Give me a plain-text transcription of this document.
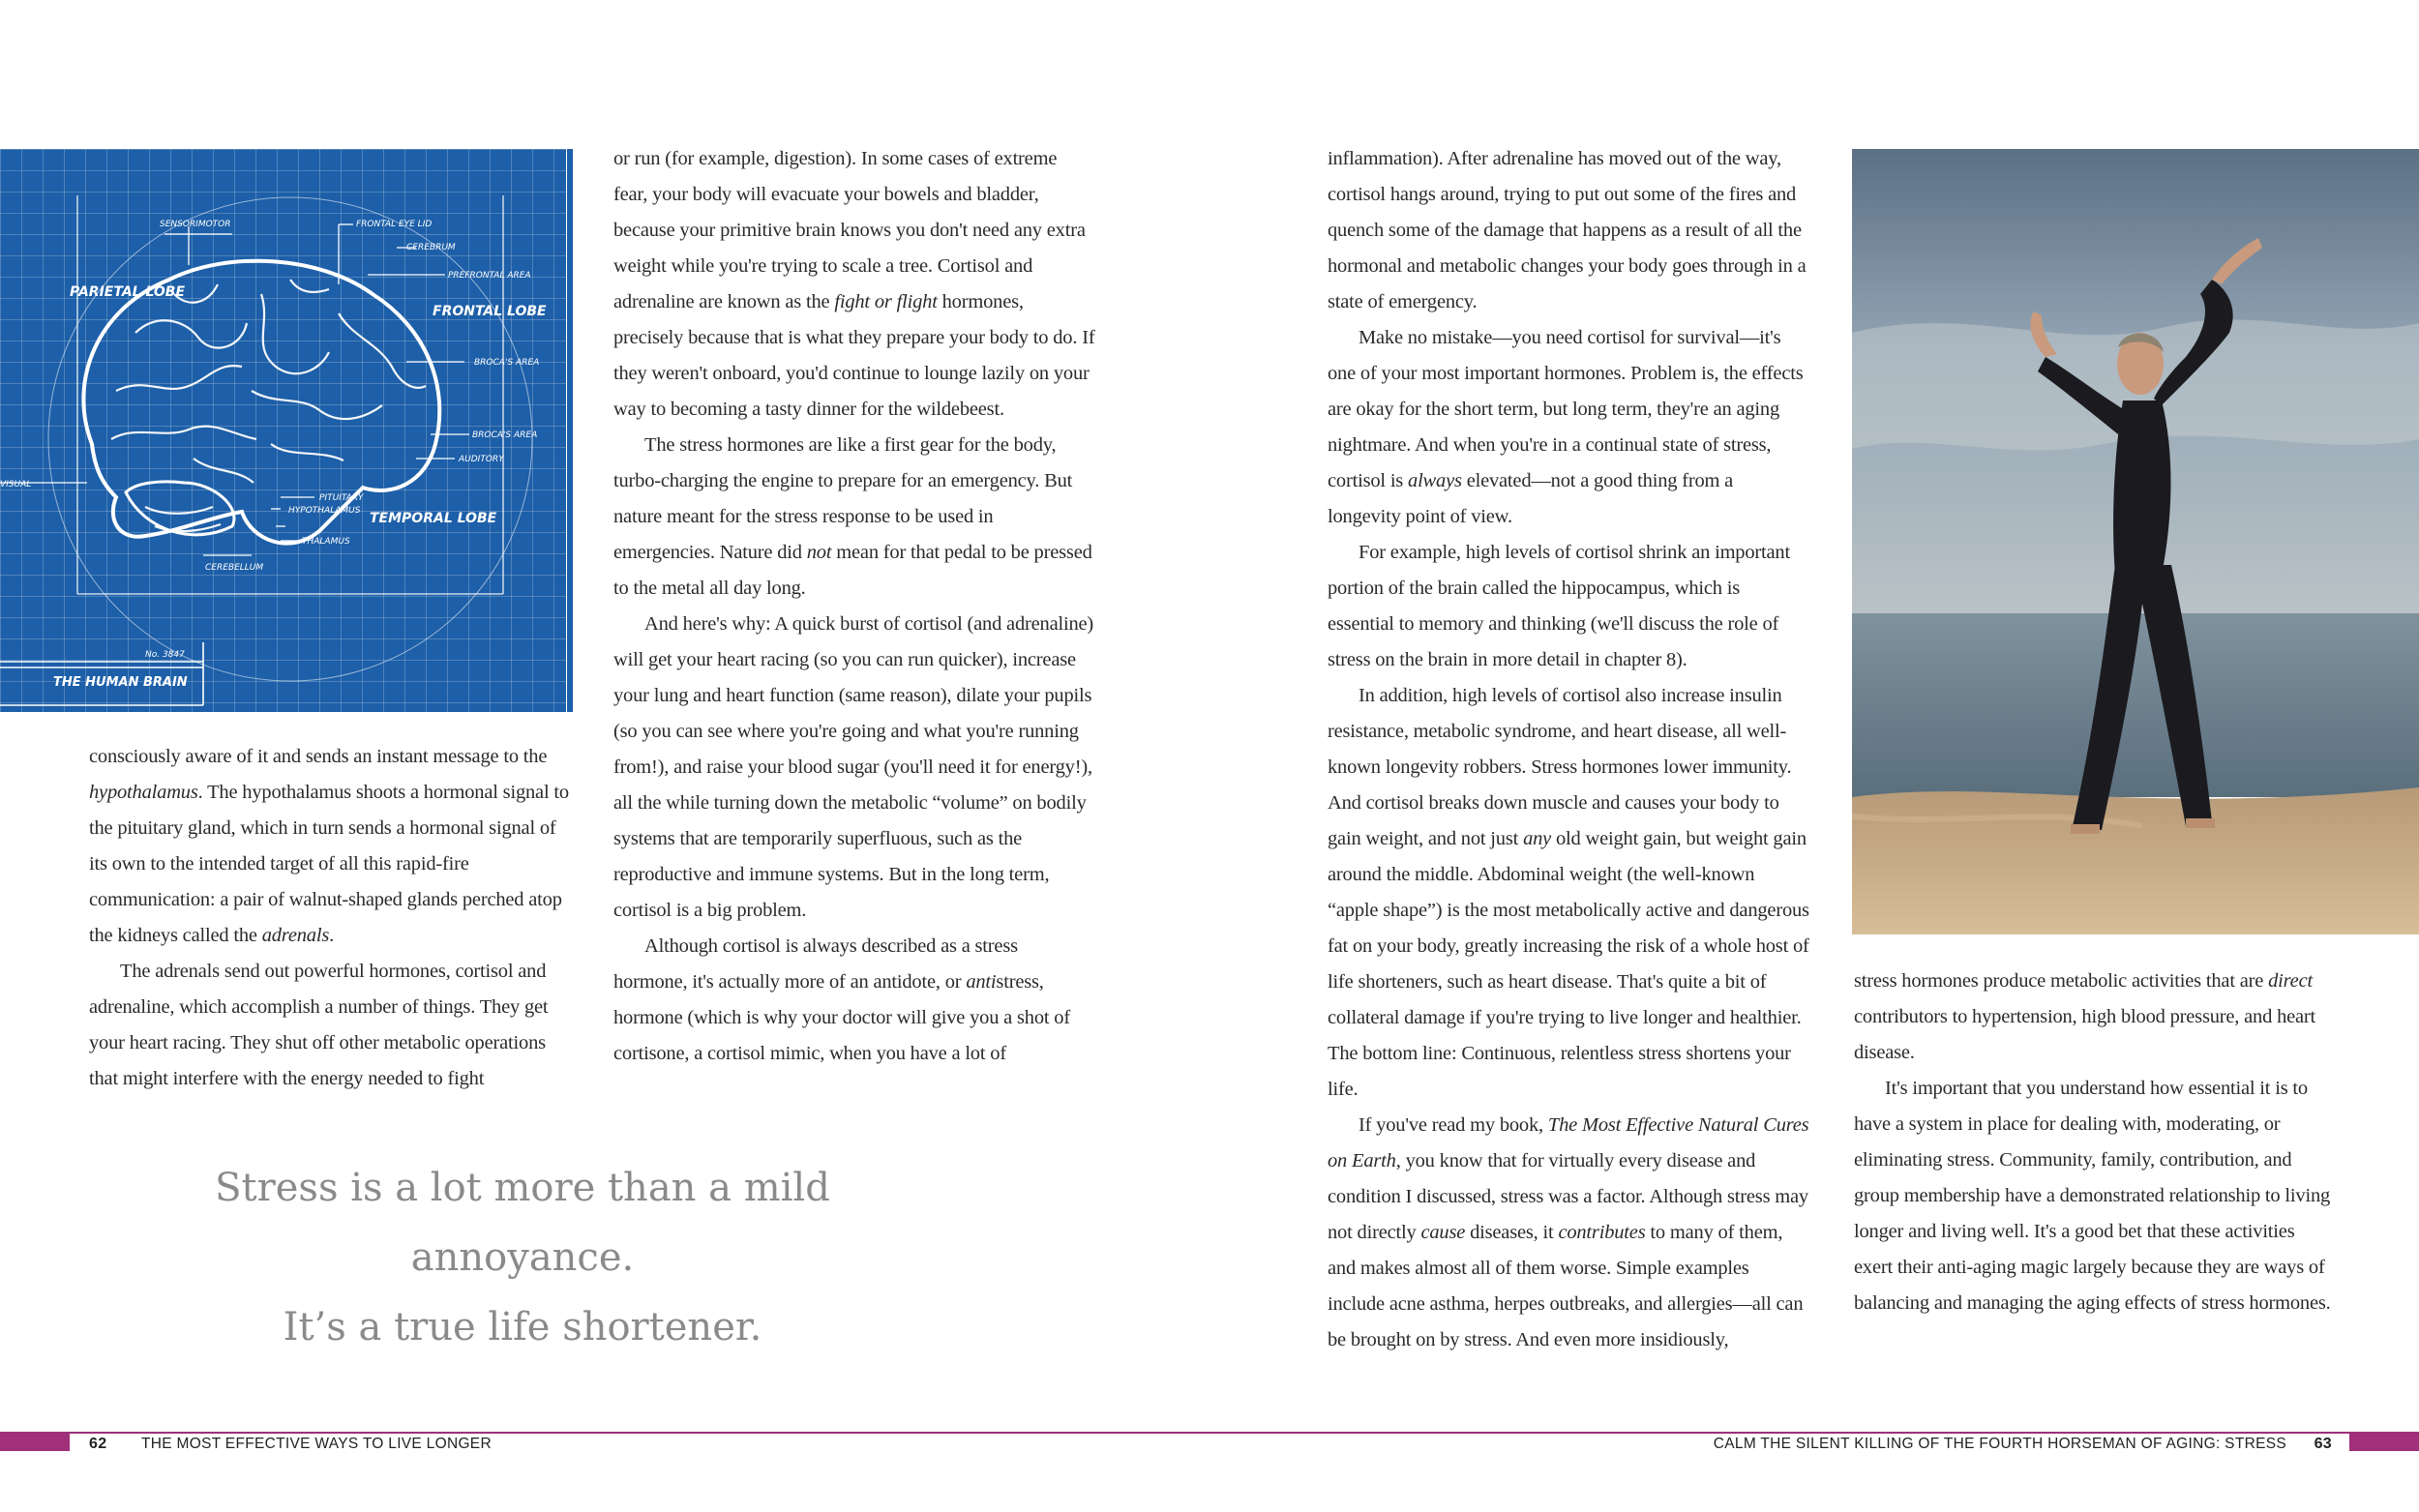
SENSORIMOTOR	FRONTAL EYE LID
CEREBRUM
PREFRONTAL AREA
PARIETAL LOBE
FRONTAL LOBE
BROCA'S AREA
BROCA'S AREA
AUDITORY
VISUAL
TEMPORAL LOBE
PITUITARY
HYPOTHALAMUS
THALAMUS
CEREBELLUM
No. 3847
THE HUMAN BRAIN

consciously aware of it and sends an instant message to the hypothalamus. The hypothalamus shoots a hormonal signal to the pituitary gland, which in turn sends a hormonal signal of its own to the intended target of all this rapid-fire communication: a pair of walnut-shaped glands perched atop the kidneys called the adrenals.

The adrenals send out powerful hormones, cortisol and adrenaline, which accomplish a number of things. They get your heart racing. They shut off other metabolic operations that might interfere with the energy needed to fight

or run (for example, digestion). In some cases of extreme fear, your body will evacuate your bowels and bladder, because your primitive brain knows you don't need any extra weight while you're trying to scale a tree. Cortisol and adrenaline are known as the fight or flight hormones, precisely because that is what they prepare your body to do. If they weren't onboard, you'd continue to lounge lazily on your way to becoming a tasty dinner for the wildebeest.

The stress hormones are like a first gear for the body, turbo-charging the engine to prepare for an emergency. But nature meant for the stress response to be used in emergencies. Nature did not mean for that pedal to be pressed to the metal all day long.

And here's why: A quick burst of cortisol (and adrenaline) will get your heart racing (so you can run quicker), increase your lung and heart function (same reason), dilate your pupils (so you can see where you're going and what you're running from!), and raise your blood sugar (you'll need it for energy!), all the while turning down the metabolic “volume” on bodily systems that are temporarily superfluous, such as the reproductive and immune systems. But in the long term, cortisol is a big problem.

Although cortisol is always described as a stress hormone, it's actually more of an antidote, or antistress, hormone (which is why your doctor will give you a shot of cortisone, a cortisol mimic, when you have a lot of

Stress is a lot more than a mild annoyance.
It’s a true life shortener.

inflammation). After adrenaline has moved out of the way, cortisol hangs around, trying to put out some of the fires and quench some of the damage that happens as a result of all the hormonal and metabolic changes your body goes through in a state of emergency.

Make no mistake—you need cortisol for survival—it's one of your most important hormones. Problem is, the effects are okay for the short term, but long term, they're an aging nightmare. And when you're in a continual state of stress, cortisol is always elevated—not a good thing from a longevity point of view.

For example, high levels of cortisol shrink an important portion of the brain called the hippocampus, which is essential to memory and thinking (we'll discuss the role of stress on the brain in more detail in chapter 8).

In addition, high levels of cortisol also increase insulin resistance, metabolic syndrome, and heart disease, all well-known longevity robbers. Stress hormones lower immunity. And cortisol breaks down muscle and causes your body to gain weight, and not just any old weight gain, but weight gain around the middle. Abdominal weight (the well-known “apple shape”) is the most metabolically active and dangerous fat on your body, greatly increasing the risk of a whole host of life shorteners, such as heart disease. That's quite a bit of collateral damage if you're trying to live longer and healthier. The bottom line: Continuous, relentless stress shortens your life.

If you've read my book, The Most Effective Natural Cures on Earth, you know that for virtually every disease and condition I discussed, stress was a factor. Although stress may not directly cause diseases, it contributes to many of them, and makes almost all of them worse. Simple examples include acne asthma, herpes outbreaks, and allergies—all can be brought on by stress. And even more insidiously,

stress hormones produce metabolic activities that are direct contributors to hypertension, high blood pressure, and heart disease.

It's important that you understand how essential it is to have a system in place for dealing with, moderating, or eliminating stress. Community, family, contribution, and group membership have a demonstrated relationship to living longer and living well. It's a good bet that these activities exert their anti-aging magic largely because they are ways of balancing and managing the aging effects of stress hormones.

62 THE MOST EFFECTIVE WAYS TO LIVE LONGER	CALM THE SILENT KILLING OF THE FOURTH HORSEMAN OF AGING: STRESS 63
